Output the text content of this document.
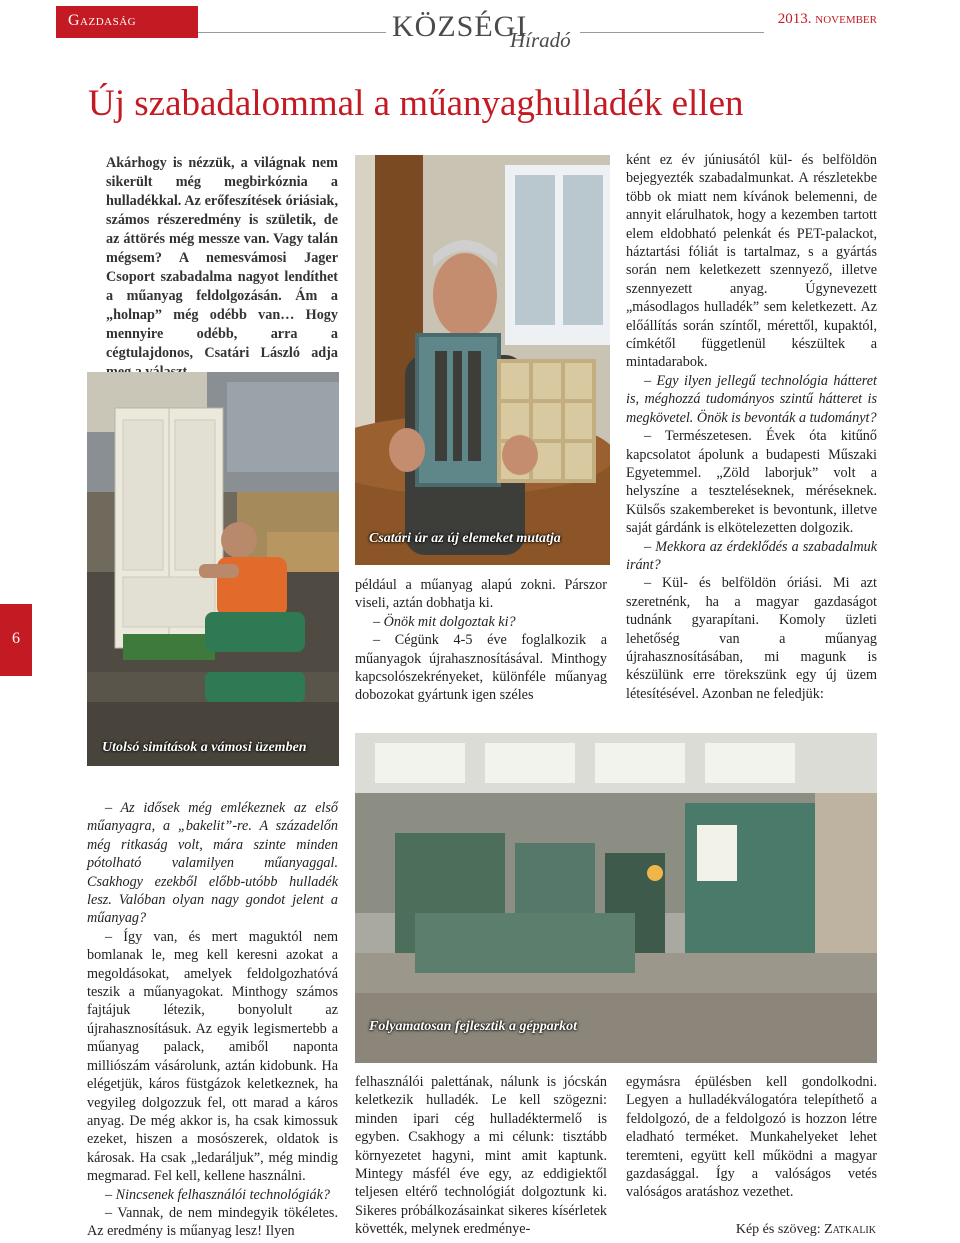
Gazdaság	KÖZSÉGI
Híradó
2013. november
Új szabadalommal a műanyaghulladék ellen
Akárhogy is nézzük, a világnak nem sikerült még megbirkóznia a hulladékkal. Az erőfeszítések óriásiak, számos részeredmény is születik, de az áttörés még messze van. Vagy talán mégsem? A nemesvámosi Jager Csoport szabadalma nagyot lendíthet a műanyag feldolgozásán. Ám a „holnap” még odébb van… Hogy mennyire odébb, arra a cégtulajdonos, Csatári László adja
6
Utolsó simítások a vámosi üzemben
Csatári úr az új elemeket mutatja
Folyamatosan fejlesztik a gépparkot

például a műanyag alapú zokni. Párszor viseli, aztán dobhatja ki.

– Önök mit dolgoztak ki?

– Cégünk 4-5 éve foglalkozik a műanyagok újrahasznosításával. Minthogy kapcsolószekrényeket, különféle műanyag dobozokat gyártunk igen széles

ként ez év júniusától kül- és belföldön bejegyezték szabadalmunkat. A részletekbe több ok miatt nem kívánok belemenni, de annyit elárulhatok, hogy a kezemben tartott elem eldobható pelenkát és PET-palackot, háztartási fóliát is tartalmaz, s a gyártás során nem keletkezett szennyező, illetve szennyezett anyag. Úgynevezett „másodlagos hulladék” sem keletkezett. Az előállítás során színtől, mérettől, kupaktól, címkétől függetlenül készültek a mintadarabok.

– Egy ilyen jellegű technológia hátteret is, méghozzá tudományos szintű hátteret is megkövetel. Önök is bevonták a tudományt?

– Természetesen. Évek óta kitűnő kapcsolatot ápolunk a budapesti Műszaki Egyetemmel. „Zöld laborjuk” volt a helyszíne a teszteléseknek, méréseknek. Külsős szakembereket is bevontunk, illetve saját gárdánk is elkötelezetten dolgozik.

– Mekkora az érdeklődés a szabadalmuk iránt?

– Kül- és belföldön óriási. Mi azt szeretnénk, ha a magyar gazdaságot tudnánk gyarapítani. Komoly üzleti lehetőség van a műanyag újrahasznosításában, mi magunk is készülünk erre törekszünk egy új üzem létesítésével. Azonban ne feledjük:

– Az idősek még emlékeznek az első műanyagra, a „bakelit”-re. A századelőn még ritkaság volt, mára szinte minden pótolható valamilyen műanyaggal. Csakhogy ezekből előbb-utóbb hulladék lesz. Valóban olyan nagy gondot jelent a műanyag?

– Így van, és mert maguktól nem bomlanak le, meg kell keresni azokat a megoldásokat, amelyek feldolgozhatóvá teszik a műanyagokat. Minthogy számos fajtájuk létezik, bonyolult az újrahasznosításuk. Az egyik legismertebb a műanyag palack, amiből naponta milliószám vásárolunk, aztán kidobunk. Ha elégetjük, káros füstgázok keletkeznek, ha vegyileg dolgozzuk fel, ott marad a káros anyag. De még akkor is, ha csak kimossuk ezeket, hiszen a mosószerek, oldatok is károsak. Ha csak „ledaráljuk”, még mindig megmarad. Fel kell, kellene használni.

– Nincsenek felhasználói technológiák?

– Vannak, de nem mindegyik tökéletes. Az eredmény is műanyag lesz! Ilyen

felhasználói palettának, nálunk is jócskán keletkezik hulladék. Le kell szögezni: minden ipari cég hulladéktermelő is egyben. Csakhogy a mi célunk: tisztább környezetet hagyni, mint amit kaptunk. Mintegy másfél éve egy, az eddigiektől teljesen eltérő technológiát dolgoztunk ki. Sikeres próbálkozásainkat sikeres kísérletek követték, melynek eredménye-

egymásra épülésben kell gondolkodni. Legyen a hulladékválogatóra telepíthető a feldolgozó, de a feldolgozó is hozzon létre eladható terméket. Munkahelyeket lehet teremteni, együtt kell működni a magyar gazdasággal. Így a valóságos vetés valóságos aratáshoz vezethet.

Kép és szöveg: Zatkalik
